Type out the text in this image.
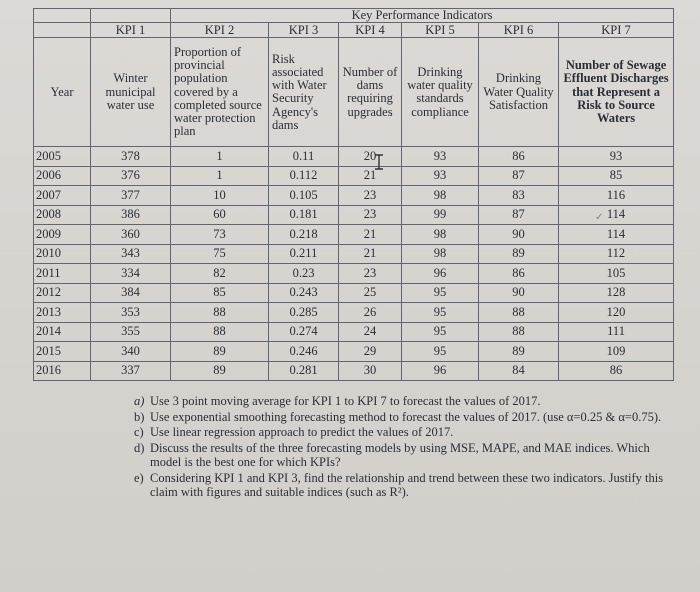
		Key Performance Indicators					
	KPI 1	KPI 2	KPI 3	KPI 4	KPI 5	KPI 6	KPI 7
Year	Winter municipal water use	Proportion of provincial population covered by a completed source water protection plan	Risk associated with Water Security Agency's dams	Number of dams requiring upgrades	Drinking water quality standards compliance	Drinking Water Quality Satisfaction	Number of Sewage Effluent Discharges that Represent a Risk to Source Waters
2005	378	1	0.11	20	93	86	93
2006	376	1	0.112	21	93	87	85
2007	377	10	0.105	23	98	83	116
2008	386	60	0.181	23	99	87	114
2009	360	73	0.218	21	98	90	114
2010	343	75	0.211	21	98	89	112
2011	334	82	0.23	23	96	86	105
2012	384	85	0.243	25	95	90	128
2013	353	88	0.285	26	95	88	120
2014	355	88	0.274	24	95	88	111
2015	340	89	0.246	29	95	89	109
2016	337	89	0.281	30	96	84	86
✓
a) Use 3 point moving average for KPI 1 to KPI 7 to forecast the values of 2017.
b) Use exponential smoothing forecasting method to forecast the values of 2017. (use α=0.25 & α=0.75).
c) Use linear regression approach to predict the values of 2017.
d) Discuss the results of the three forecasting models by using MSE, MAPE, and MAE indices. Which model is the best one for which KPIs?
e) Considering KPI 1 and KPI 3, find the relationship and trend between these two indicators. Justify this claim with figures and suitable indices (such as R²).
